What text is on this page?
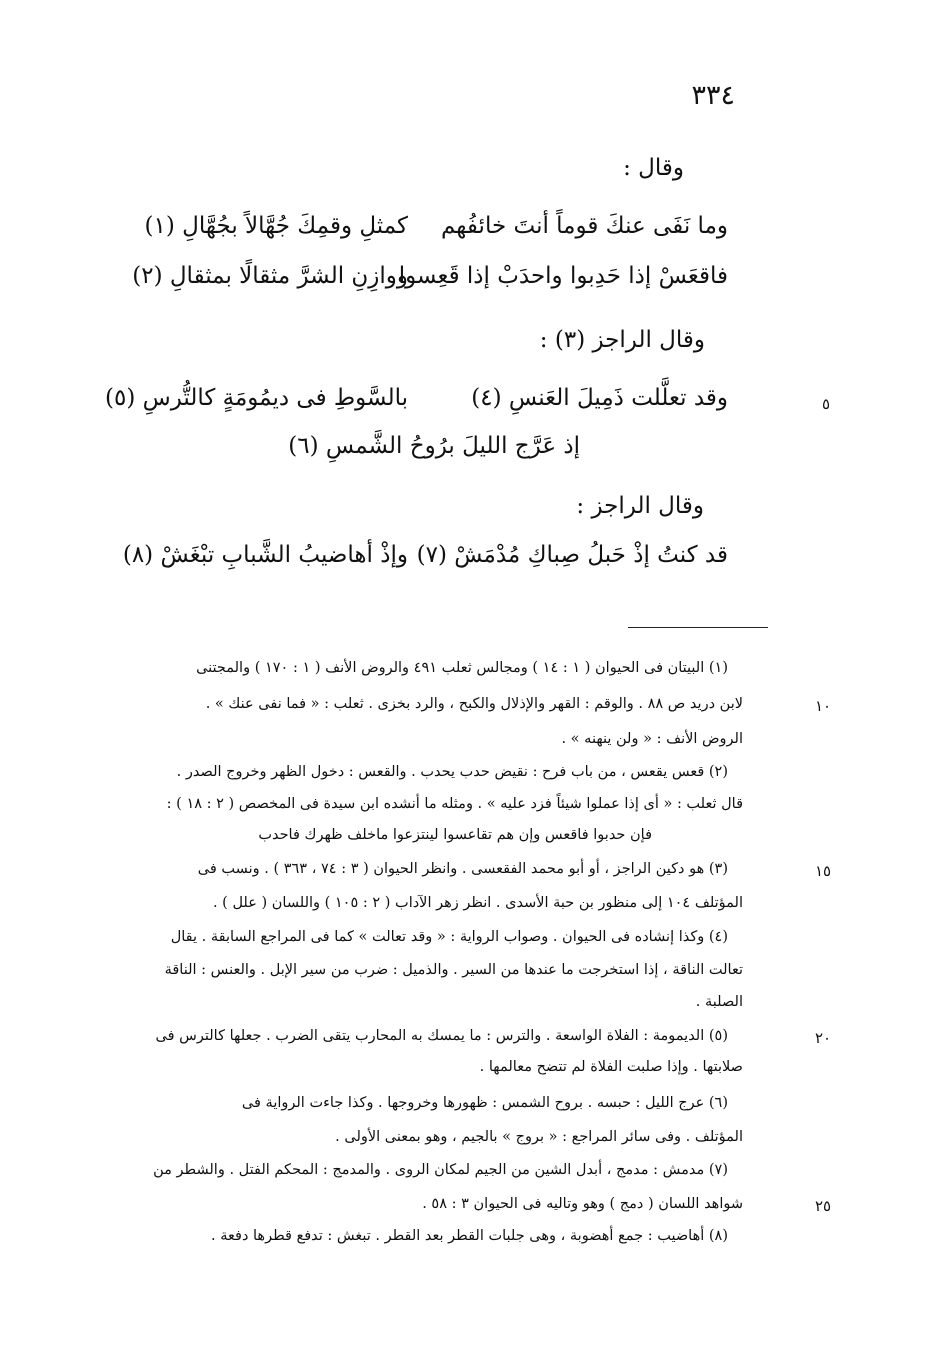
٣٣٤
وقال :
وما نَفَى عنكَ قوماً أنتَ خائفُهم
كمثلِ وقمِكَ جُهَّالاً بجُهَّالِ (١)
فاقعَسْ إذا حَدِبوا واحدَبْ إذا قَعِسوا
ووازِنِ الشرَّ مثقالًا بمثقالِ (٢)
وقال الراجز (٣) :
وقد تعلَّلت ذَمِيلَ العَنسِ (٤)
بالسَّوطِ فى ديمُومَةٍ كالتُّرسِ (٥)
إذ عَرَّج الليلَ برُوحُ الشَّمسِ (٦)
وقال الراجز :
قد كنتُ إذْ حَبلُ صِباكِ مُدْمَشْ (٧)
وإذْ أهاضيبُ الشَّبابِ تبْغَشْ (٨)
(١) البيتان فى الحيوان ( ١ : ١٤ ) ومجالس ثعلب ٤٩١ والروض الأنف ( ١ : ١٧٠ ) والمجتنى
لابن دريد ص ٨٨ . والوقم : القهر والإذلال والكبح ، والرد بخزى . ثعلب : « فما نفى عنك » .
الروض الأنف : « ولن ينهنه » .
(٢) قعس يقعس ، من باب فرح : نقيض حدب يحدب . والقعس : دخول الظهر وخروج الصدر .
قال ثعلب : « أى إذا عملوا شيئاً فزد عليه » . ومثله ما أنشده ابن سيدة فى المخصص ( ٢ : ١٨ ) :
فإن حدبوا فاقعس وإن هم تقاعسوا لينتزعوا ماخلف ظهرك فاحدب
(٣) هو دكين الراجز ، أو أبو محمد الفقعسى . وانظر الحيوان ( ٣ : ٧٤ ، ٣٦٣ ) . ونسب فى
المؤتلف ١٠٤ إلى منظور بن حبة الأسدى . انظر زهر الآداب ( ٢ : ١٠٥ ) واللسان ( علل ) .
(٤) وكذا إنشاده فى الحيوان . وصواب الرواية : « وقد تعالت » كما فى المراجع السابقة . يقال
تعالت الناقة ، إذا استخرجت ما عندها من السير . والذميل : ضرب من سير الإبل . والعنس : الناقة
الصلبة .
(٥) الديمومة : الفلاة الواسعة . والترس : ما يمسك به المحارب يتقى الضرب . جعلها كالترس فى
صلابتها . وإذا صلبت الفلاة لم تتضح معالمها .
(٦) عرج الليل : حبسه . بروح الشمس : ظهورها وخروجها . وكذا جاءت الرواية فى
المؤتلف . وفى سائر المراجع : « بروج » بالجيم ، وهو بمعنى الأولى .
(٧) مدمش : مدمج ، أبدل الشين من الجيم لمكان الروى . والمدمج : المحكم الفتل . والشطر من
شواهد اللسان ( دمج ) وهو وتاليه فى الحيوان ٣ : ٥٨ .
(٨) أهاضيب : جمع أهضوبة ، وهى جلبات القطر بعد القطر . تبغش : تدفع قطرها دفعة .
٥
١٠
١٥
٢٠
٢٥
